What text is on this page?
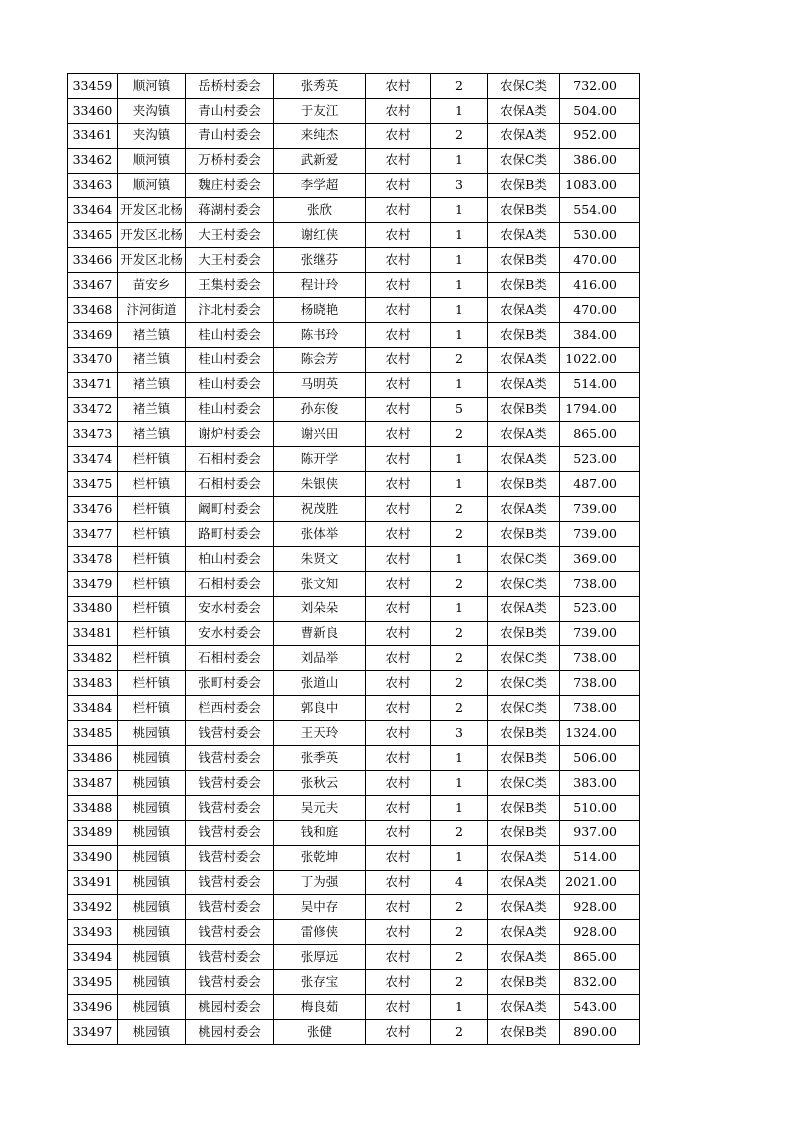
33459	顺河镇	岳桥村委会	张秀英	农村	2	农保C类	732.00
33460	夹沟镇	青山村委会	于友江	农村	1	农保A类	504.00
33461	夹沟镇	青山村委会	来纯杰	农村	2	农保A类	952.00
33462	顺河镇	万桥村委会	武新爱	农村	1	农保C类	386.00
33463	顺河镇	魏庄村委会	李学超	农村	3	农保B类	1083.00
33464	开发区北杨	蒋湖村委会	张欣	农村	1	农保B类	554.00
33465	开发区北杨	大王村委会	谢红侠	农村	1	农保A类	530.00
33466	开发区北杨	大王村委会	张继芬	农村	1	农保B类	470.00
33467	苗安乡	王集村委会	程计玲	农村	1	农保B类	416.00
33468	汴河街道	汴北村委会	杨晓艳	农村	1	农保A类	470.00
33469	褚兰镇	桂山村委会	陈书玲	农村	1	农保B类	384.00
33470	褚兰镇	桂山村委会	陈会芳	农村	2	农保A类	1022.00
33471	褚兰镇	桂山村委会	马明英	农村	1	农保A类	514.00
33472	褚兰镇	桂山村委会	孙东俊	农村	5	农保B类	1794.00
33473	褚兰镇	谢炉村委会	谢兴田	农村	2	农保A类	865.00
33474	栏杆镇	石相村委会	陈开学	农村	1	农保A类	523.00
33475	栏杆镇	石相村委会	朱银侠	农村	1	农保B类	487.00
33476	栏杆镇	阚町村委会	祝茂胜	农村	2	农保A类	739.00
33477	栏杆镇	路町村委会	张体举	农村	2	农保B类	739.00
33478	栏杆镇	柏山村委会	朱贤文	农村	1	农保C类	369.00
33479	栏杆镇	石相村委会	张文知	农村	2	农保C类	738.00
33480	栏杆镇	安水村委会	刘朵朵	农村	1	农保A类	523.00
33481	栏杆镇	安水村委会	曹新良	农村	2	农保B类	739.00
33482	栏杆镇	石相村委会	刘品举	农村	2	农保C类	738.00
33483	栏杆镇	张町村委会	张道山	农村	2	农保C类	738.00
33484	栏杆镇	栏西村委会	郭良中	农村	2	农保C类	738.00
33485	桃园镇	钱营村委会	王天玲	农村	3	农保B类	1324.00
33486	桃园镇	钱营村委会	张季英	农村	1	农保B类	506.00
33487	桃园镇	钱营村委会	张秋云	农村	1	农保C类	383.00
33488	桃园镇	钱营村委会	吴元夫	农村	1	农保B类	510.00
33489	桃园镇	钱营村委会	钱和庭	农村	2	农保B类	937.00
33490	桃园镇	钱营村委会	张乾坤	农村	1	农保A类	514.00
33491	桃园镇	钱营村委会	丁为强	农村	4	农保A类	2021.00
33492	桃园镇	钱营村委会	吴中存	农村	2	农保A类	928.00
33493	桃园镇	钱营村委会	雷修侠	农村	2	农保A类	928.00
33494	桃园镇	钱营村委会	张厚远	农村	2	农保A类	865.00
33495	桃园镇	钱营村委会	张存宝	农村	2	农保B类	832.00
33496	桃园镇	桃园村委会	梅良茹	农村	1	农保A类	543.00
33497	桃园镇	桃园村委会	张健	农村	2	农保B类	890.00
